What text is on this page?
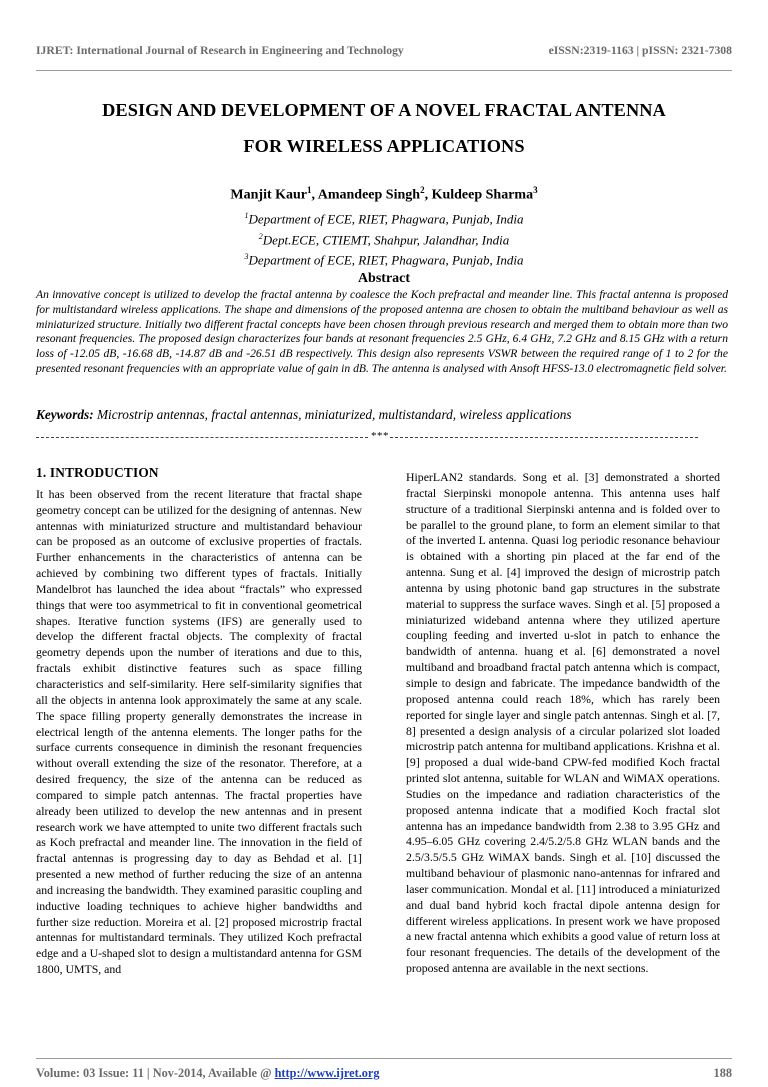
IJRET: International Journal of Research in Engineering and Technology	eISSN:2319-1163 | pISSN: 2321-7308
DESIGN AND DEVELOPMENT OF A NOVEL FRACTAL ANTENNA
FOR WIRELESS APPLICATIONS
Manjit Kaur$^1$, Amandeep Singh$^2$, Kuldeep Sharma$^3$
$^1$Department of ECE, RIET, Phagwara, Punjab, India
$^2$Dept.ECE, CTIEMT, Shahpur, Jalandhar, India
$^3$Department of ECE, RIET, Phagwara, Punjab, India
Abstract
An innovative concept is utilized to develop the fractal antenna by coalesce the Koch prefractal and meander line. This fractal antenna is proposed for multistandard wireless applications. The shape and dimensions of the proposed antenna are chosen to obtain the multiband behaviour as well as miniaturized structure. Initially two different fractal concepts have been chosen through previous research and merged them to obtain more than two resonant frequencies. The proposed design characterizes four bands at resonant frequencies 2.5 GHz, 6.4 GHz, 7.2 GHz and 8.15 GHz with a return loss of -12.05 dB, -16.68 dB, -14.87 dB and -26.51 dB respectively. This design also represents VSWR between the required range of 1 to 2 for the presented resonant frequencies with an appropriate value of gain in dB. The antenna is analysed with Ansoft HFSS-13.0 electromagnetic field solver.
Keywords: Microstrip antennas, fractal antennas, miniaturized, multistandard, wireless applications
***
1. INTRODUCTION

It has been observed from the recent literature that fractal shape geometry concept can be utilized for the designing of antennas. New antennas with miniaturized structure and multistandard behaviour can be proposed as an outcome of exclusive properties of fractals. Further enhancements in the characteristics of antenna can be achieved by combining two different types of fractals. Initially Mandelbrot has launched the idea about “fractals” who expressed things that were too asymmetrical to fit in conventional geometrical shapes. Iterative function systems (IFS) are generally used to develop the different fractal objects. The complexity of fractal geometry depends upon the number of iterations and due to this, fractals exhibit distinctive features such as space filling characteristics and self-similarity. Here self-similarity signifies that all the objects in antenna look approximately the same at any scale. The space filling property generally demonstrates the increase in electrical length of the antenna elements. The longer paths for the surface currents consequence in diminish the resonant frequencies without overall extending the size of the resonator. Therefore, at a desired frequency, the size of the antenna can be reduced as compared to simple patch antennas. The fractal properties have already been utilized to develop the new antennas and in present research work we have attempted to unite two different fractals such as Koch prefractal and meander line. The innovation in the field of fractal antennas is progressing day to day as Behdad et al. [1] presented a new method of further reducing the size of an antenna and increasing the bandwidth. They examined parasitic coupling and inductive loading techniques to achieve higher bandwidths and further size reduction. Moreira et al. [2] proposed microstrip fractal antennas for multistandard terminals. They utilized Koch prefractal edge and a U-shaped slot to design a multistandard antenna for GSM 1800, UMTS, and

HiperLAN2 standards. Song et al. [3] demonstrated a shorted fractal Sierpinski monopole antenna. This antenna uses half structure of a traditional Sierpinski antenna and is folded over to be parallel to the ground plane, to form an element similar to that of the inverted L antenna. Quasi log periodic resonance behaviour is obtained with a shorting pin placed at the far end of the antenna. Sung et al. [4] improved the design of microstrip patch antenna by using photonic band gap structures in the substrate material to suppress the surface waves. Singh et al. [5] proposed a miniaturized wideband antenna where they utilized aperture coupling feeding and inverted u-slot in patch to enhance the bandwidth of antenna. huang et al. [6] demonstrated a novel multiband and broadband fractal patch antenna which is compact, simple to design and fabricate. The impedance bandwidth of the proposed antenna could reach 18%, which has rarely been reported for single layer and single patch antennas. Singh et al. [7, 8] presented a design analysis of a circular polarized slot loaded microstrip patch antenna for multiband applications. Krishna et al. [9] proposed a dual wide-band CPW-fed modified Koch fractal printed slot antenna, suitable for WLAN and WiMAX operations. Studies on the impedance and radiation characteristics of the proposed antenna indicate that a modified Koch fractal slot antenna has an impedance bandwidth from 2.38 to 3.95 GHz and 4.95–6.05 GHz covering 2.4/5.2/5.8 GHz WLAN bands and the 2.5/3.5/5.5 GHz WiMAX bands. Singh et al. [10] discussed the multiband behaviour of plasmonic nano-antennas for infrared and laser communication. Mondal et al. [11] introduced a miniaturized and dual band hybrid koch fractal dipole antenna design for different wireless applications. In present work we have proposed a new fractal antenna which exhibits a good value of return loss at four resonant frequencies. The details of the development of the proposed antenna are available in the next sections.

Volume: 03 Issue: 11 | Nov-2014, Available @ http://www.ijret.org	188
